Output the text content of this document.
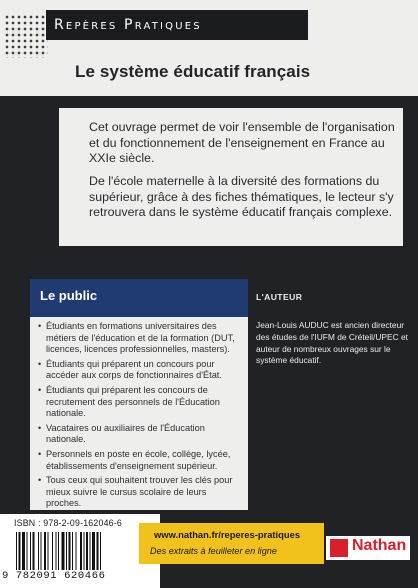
Repères Pratiques
Le système éducatif français

Cet ouvrage permet de voir l'ensemble de l'organisation et du fonctionnement de l'enseignement en France au XXIe siècle.

De l'école maternelle à la diversité des formations du supérieur, grâce à des fiches thématiques, le lecteur s'y retrouvera dans le système éducatif français complexe.

Le public
• Étudiants en formations universitaires des métiers de l'éducation et de la formation (DUT, licences, licences professionnelles, masters).
• Étudiants qui préparent un concours pour accéder aux corps de fonctionnaires d'État.
• Étudiants qui préparent les concours de recrutement des personnels de l'Éducation nationale.
• Vacataires ou auxiliaires de l'Éducation nationale.
• Personnels en poste en école, collège, lycée, établissements d'enseignement supérieur.
• Tous ceux qui souhaitent trouver les clés pour mieux suivre le cursus scolaire de leurs proches.
L'AUTEUR
Jean-Louis AUDUC est ancien directeur des études de l'IUFM de Créteil/UPEC et auteur de nombreux ouvrages sur le système éducatif.
ISBN : 978-2-09-162046-6
9 782091 620466
www.nathan.fr/reperes-pratiques
Des extraits à feuilleter en ligne	Nathan
